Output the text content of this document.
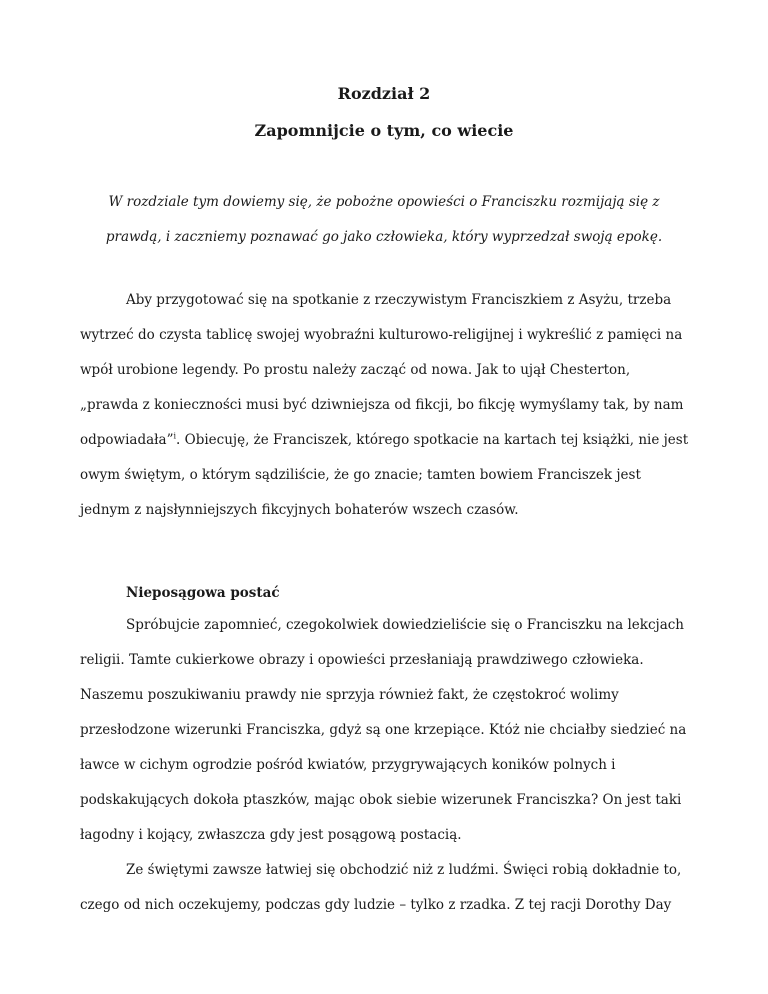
Rozdział 2
Zapomnijcie o tym, co wiecie

W rozdziale tym dowiemy się, że pobożne opowieści o Franciszku rozmijają się z prawdą, i zaczniemy poznawać go jako człowieka, który wyprzedzał swoją epokę.

Aby przygotować się na spotkanie z rzeczywistym Franciszkiem z Asyżu, trzeba wytrzeć do czysta tablicę swojej wyobraźni kulturowo-religijnej i wykreślić z pamięci na wpół urobione legendy. Po prostu należy zacząć od nowa. Jak to ujął Chesterton, „prawda z konieczności musi być dziwniejsza od fikcji, bo fikcję wymyślamy tak, by nam odpowiadała”$^i$. Obiecuję, że Franciszek, którego spotkacie na kartach tej książki, nie jest owym świętym, o którym sądziliście, że go znacie; tamten bowiem Franciszek jest jednym z najsłynniejszych fikcyjnych bohaterów wszech czasów.

Nieposągowa postać

Spróbujcie zapomnieć, czegokolwiek dowiedzieliście się o Franciszku na lekcjach religii. Tamte cukierkowe obrazy i opowieści przesłaniają prawdziwego człowieka. Naszemu poszukiwaniu prawdy nie sprzyja również fakt, że częstokroć wolimy przesłodzone wizerunki Franciszka, gdyż są one krzepiące. Któż nie chciałby siedzieć na ławce w cichym ogrodzie pośród kwiatów, przygrywających koników polnych i podskakujących dokoła ptaszków, mając obok siebie wizerunek Franciszka? On jest taki łagodny i kojący, zwłaszcza gdy jest posągową postacią.

Ze świętymi zawsze łatwiej się obchodzić niż z ludźmi. Święci robią dokładnie to, czego od nich oczekujemy, podczas gdy ludzie – tylko z rzadka. Z tej racji Dorothy Day
